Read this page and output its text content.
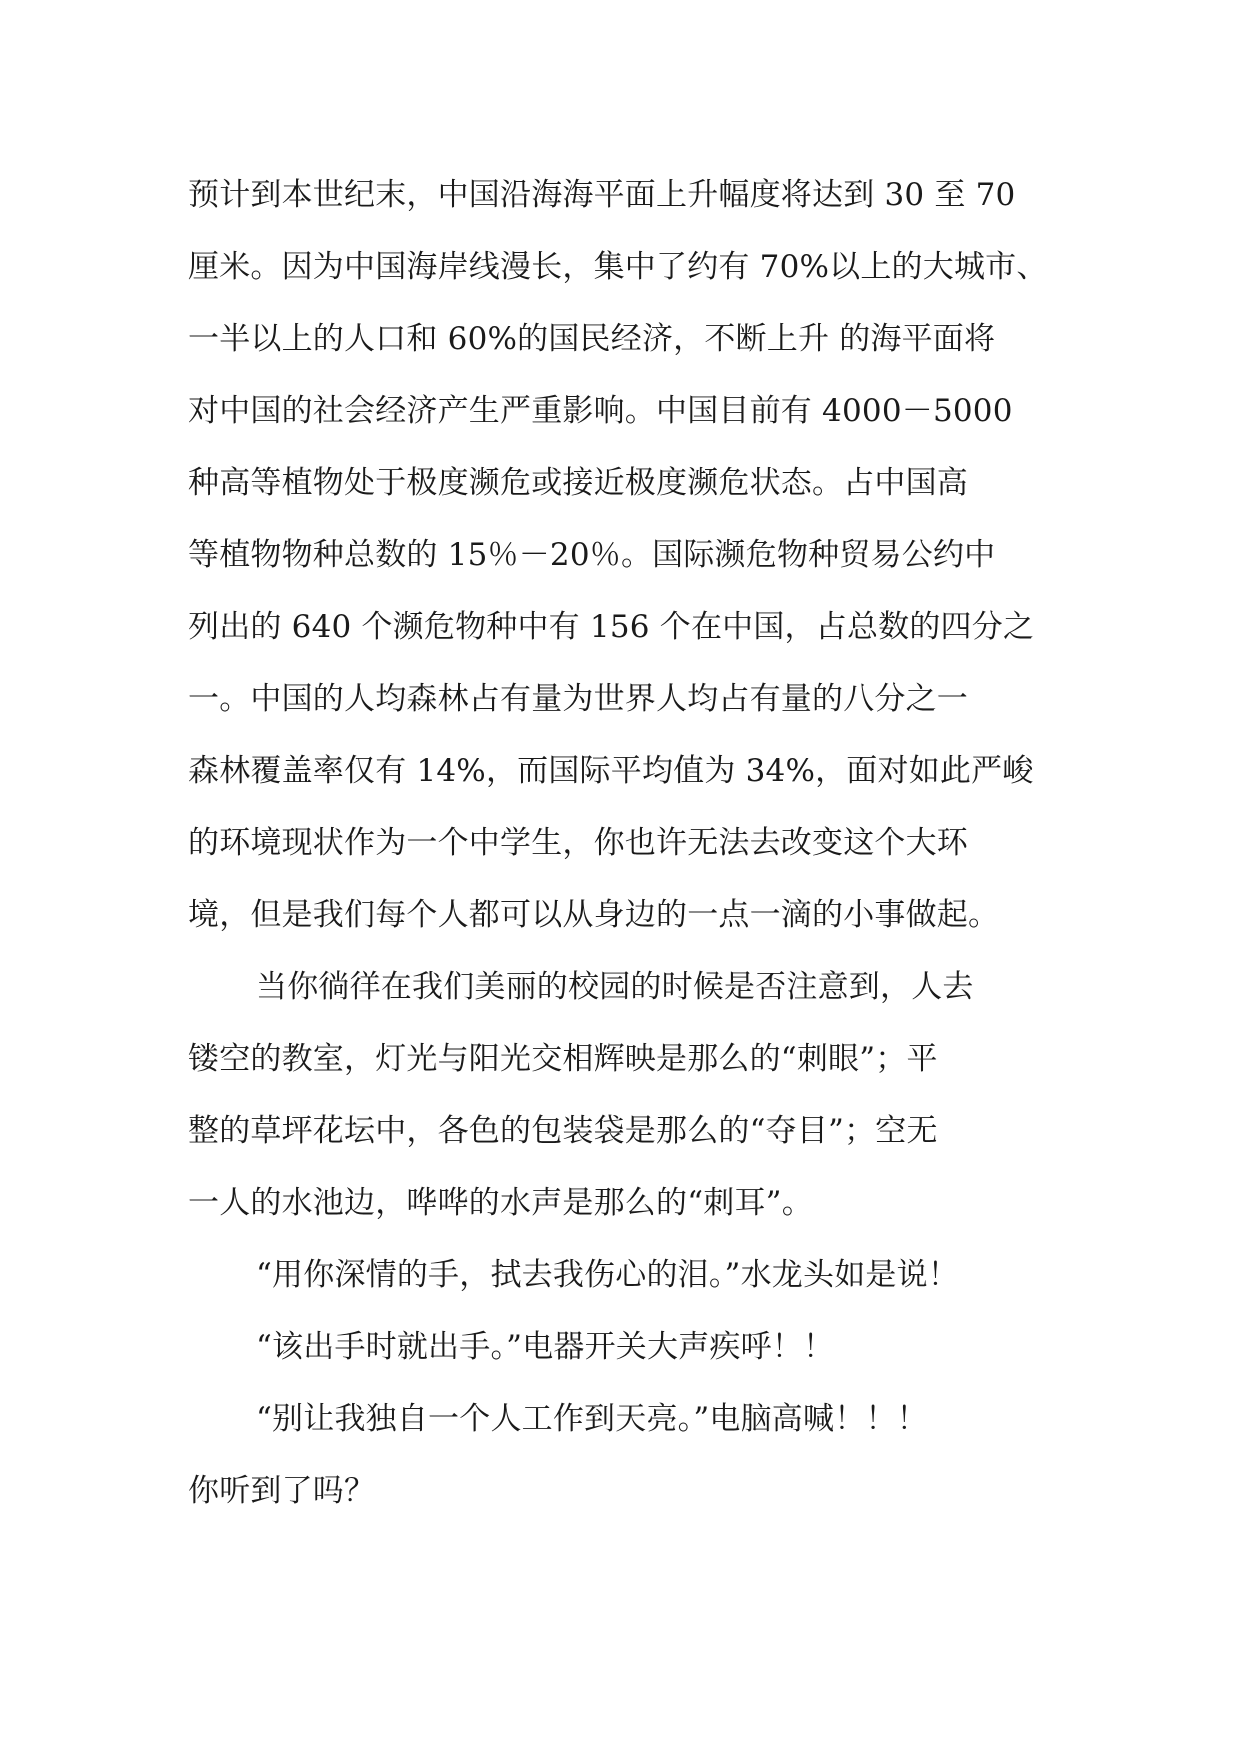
预计到本世纪末，中国沿海海平面上升幅度将达到 30 至 70
厘米。因为中国海岸线漫长，集中了约有 70%以上的大城市、
一半以上的人口和 60%的国民经济，不断上升 的海平面将
对中国的社会经济产生严重影响。中国目前有 4000－5000
种高等植物处于极度濒危或接近极度濒危状态。占中国高
等植物物种总数的 15％－20％。国际濒危物种贸易公约中
列出的 640 个濒危物种中有 156 个在中国，占总数的四分之
一。中国的人均森林占有量为世界人均占有量的八分之一
森林覆盖率仅有 14%，而国际平均值为 34%，面对如此严峻
的环境现状作为一个中学生，你也许无法去改变这个大环
境，但是我们每个人都可以从身边的一点一滴的小事做起。
当你徜徉在我们美丽的校园的时候是否注意到，人去
镂空的教室，灯光与阳光交相辉映是那么的“刺眼”；平
整的草坪花坛中，各色的包装袋是那么的“夺目”；空无
一人的水池边，哗哗的水声是那么的“刺耳”。
“用你深情的手，拭去我伤心的泪。”水龙头如是说！
“该出手时就出手。”电器开关大声疾呼！！
“别让我独自一个人工作到天亮。”电脑高喊！！！
你听到了吗？
